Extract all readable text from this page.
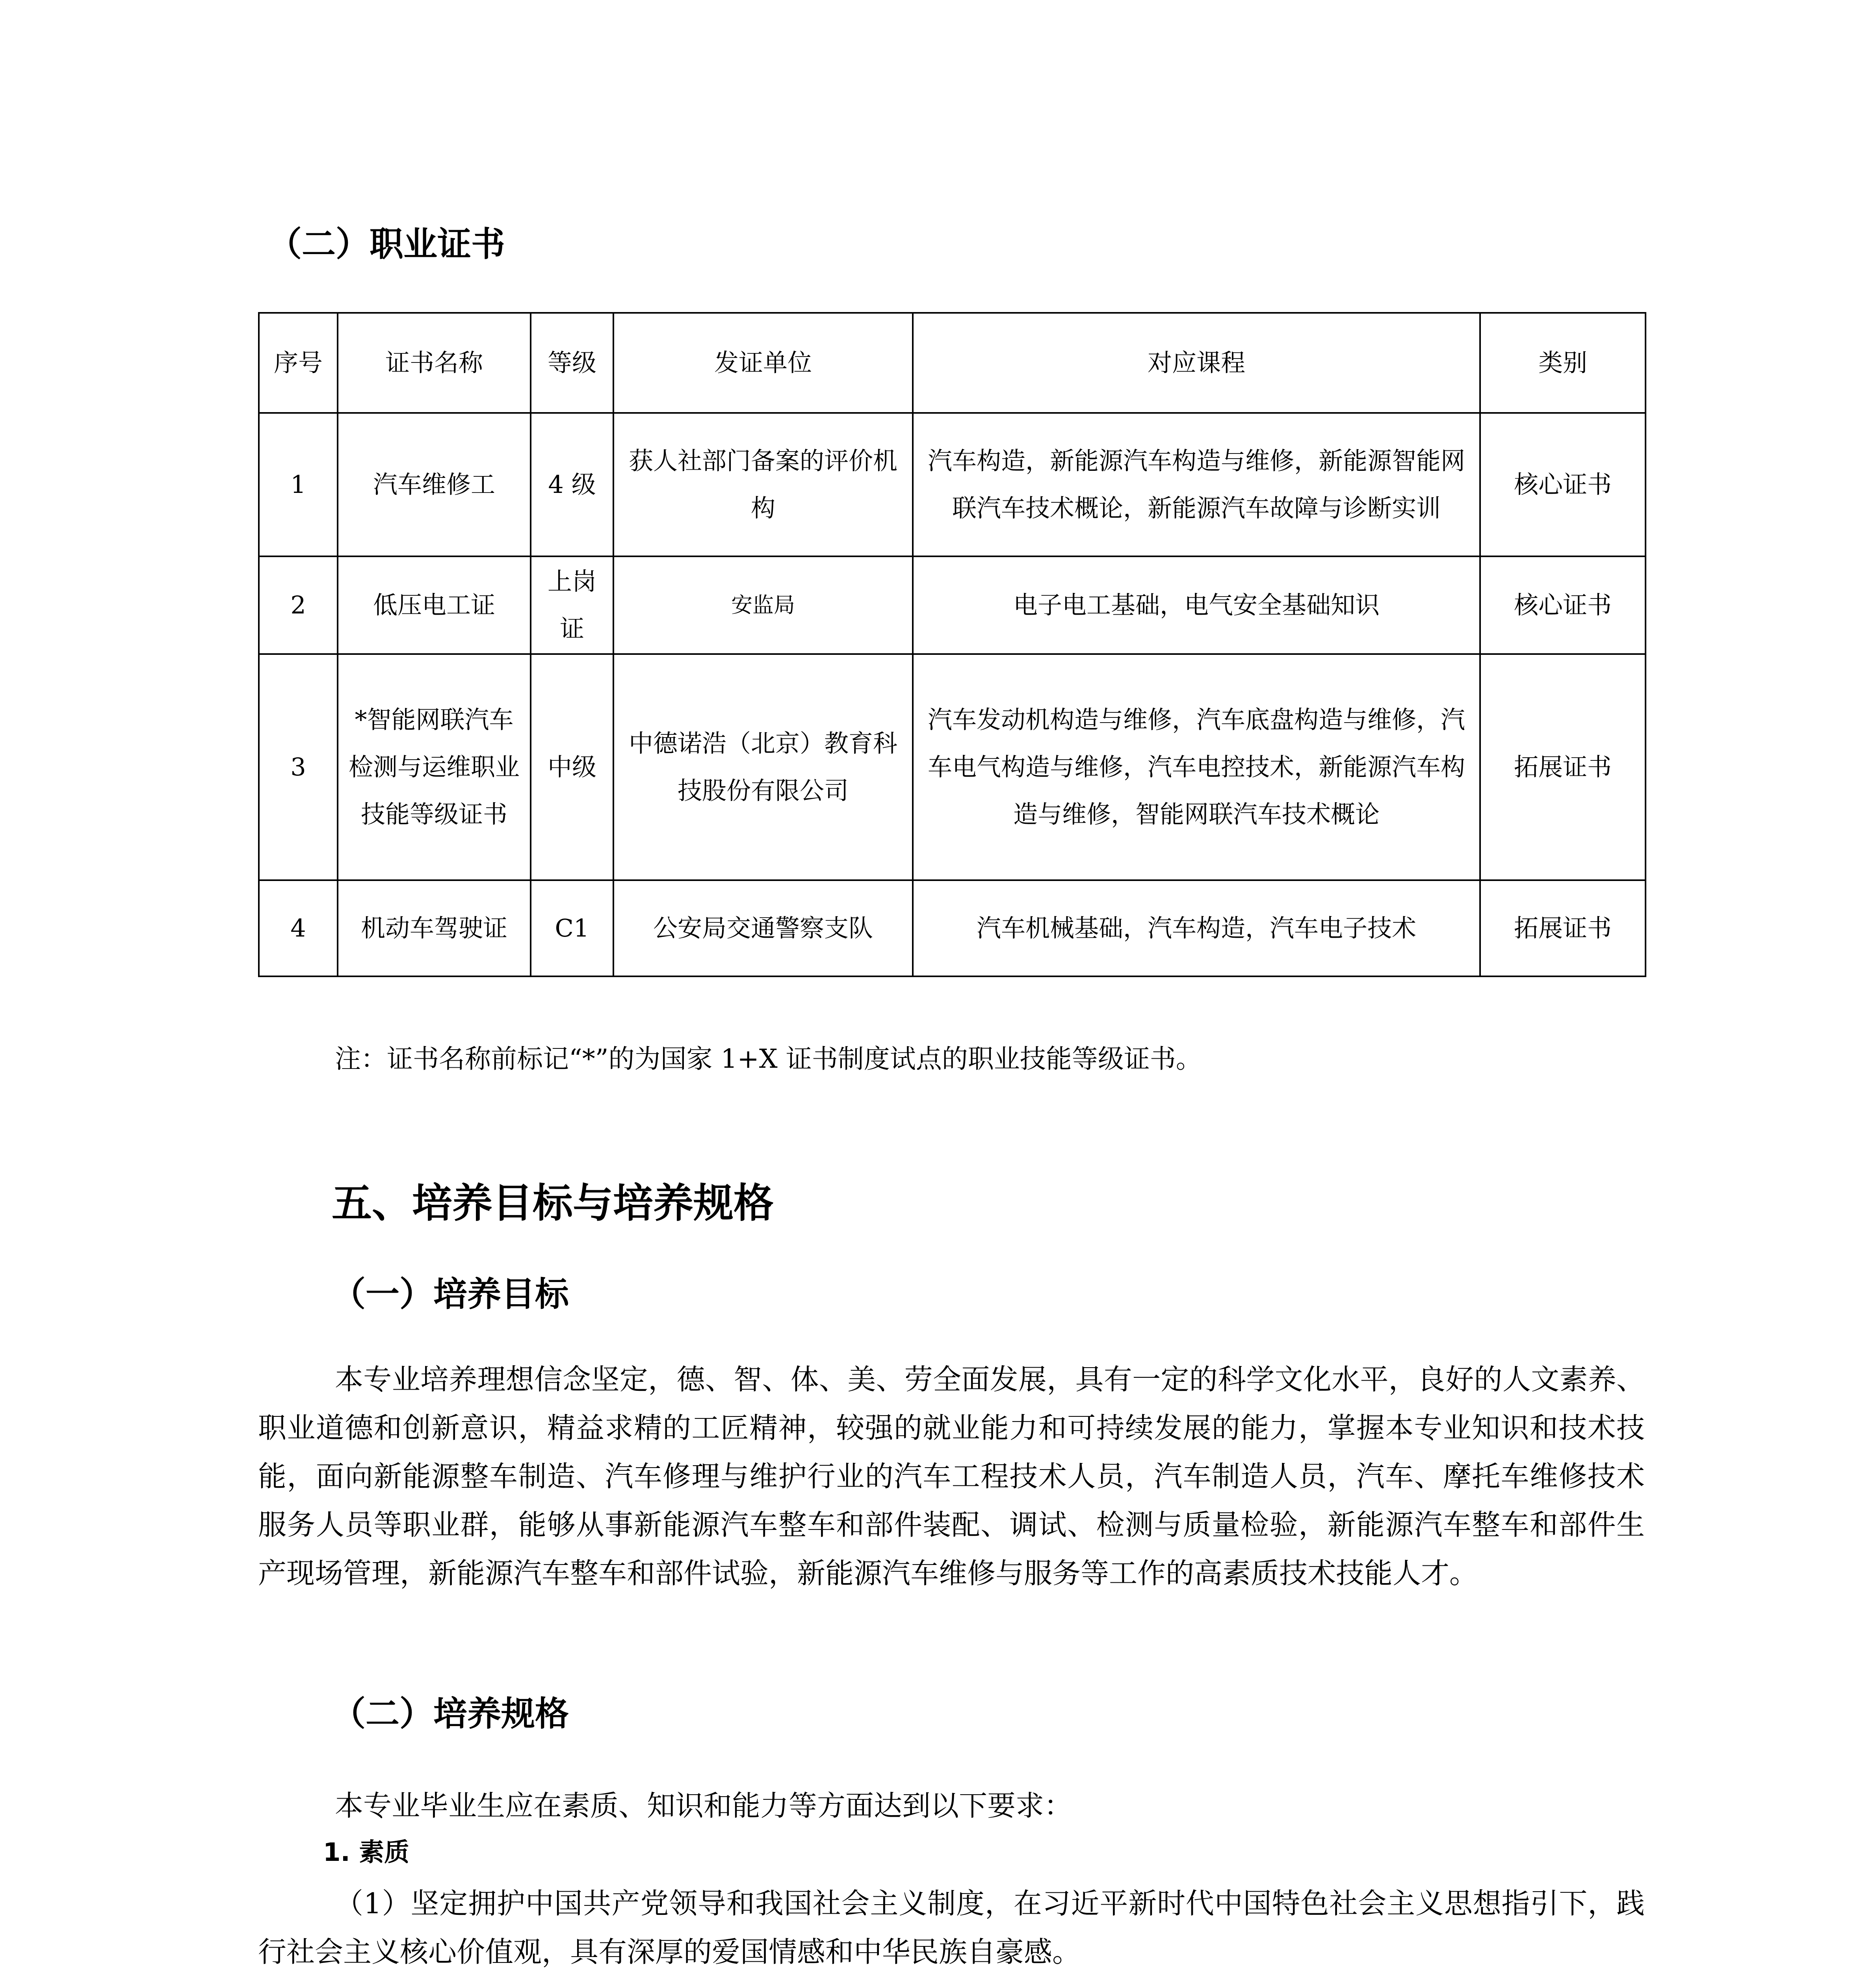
（二）职业证书
序号	证书名称	等级	发证单位	对应课程	类别
1	汽车维修工	4 级	获人社部门备案的评价机构	汽车构造，新能源汽车构造与维修，新能源智能网联汽车技术概论，新能源汽车故障与诊断实训	核心证书
2	低压电工证	上岗证	安监局	电子电工基础，电气安全基础知识	核心证书
3	*智能网联汽车检测与运维职业技能等级证书	中级	中德诺浩（北京）教育科技股份有限公司	汽车发动机构造与维修，汽车底盘构造与维修，汽车电气构造与维修，汽车电控技术，新能源汽车构造与维修，智能网联汽车技术概论	拓展证书
4	机动车驾驶证	C1	公安局交通警察支队	汽车机械基础，汽车构造，汽车电子技术	拓展证书
注：证书名称前标记“*”的为国家 1+X 证书制度试点的职业技能等级证书。
五、培养目标与培养规格
（一）培养目标

本专业培养理想信念坚定，德、智、体、美、劳全面发展，具有一定的科学文化水平，良好的人文素养、职业道德和创新意识，精益求精的工匠精神，较强的就业能力和可持续发展的能力，掌握本专业知识和技术技能，面向新能源整车制造、汽车修理与维护行业的汽车工程技术人员，汽车制造人员，汽车、摩托车维修技术服务人员等职业群，能够从事新能源汽车整车和部件装配、调试、检测与质量检验，新能源汽车整车和部件生产现场管理，新能源汽车整车和部件试验，新能源汽车维修与服务等工作的高素质技术技能人才。

（二）培养规格

本专业毕业生应在素质、知识和能力等方面达到以下要求：

1. 素质

（1）坚定拥护中国共产党领导和我国社会主义制度，在习近平新时代中国特色社会主义思想指引下，践行社会主义核心价值观，具有深厚的爱国情感和中华民族自豪感。
